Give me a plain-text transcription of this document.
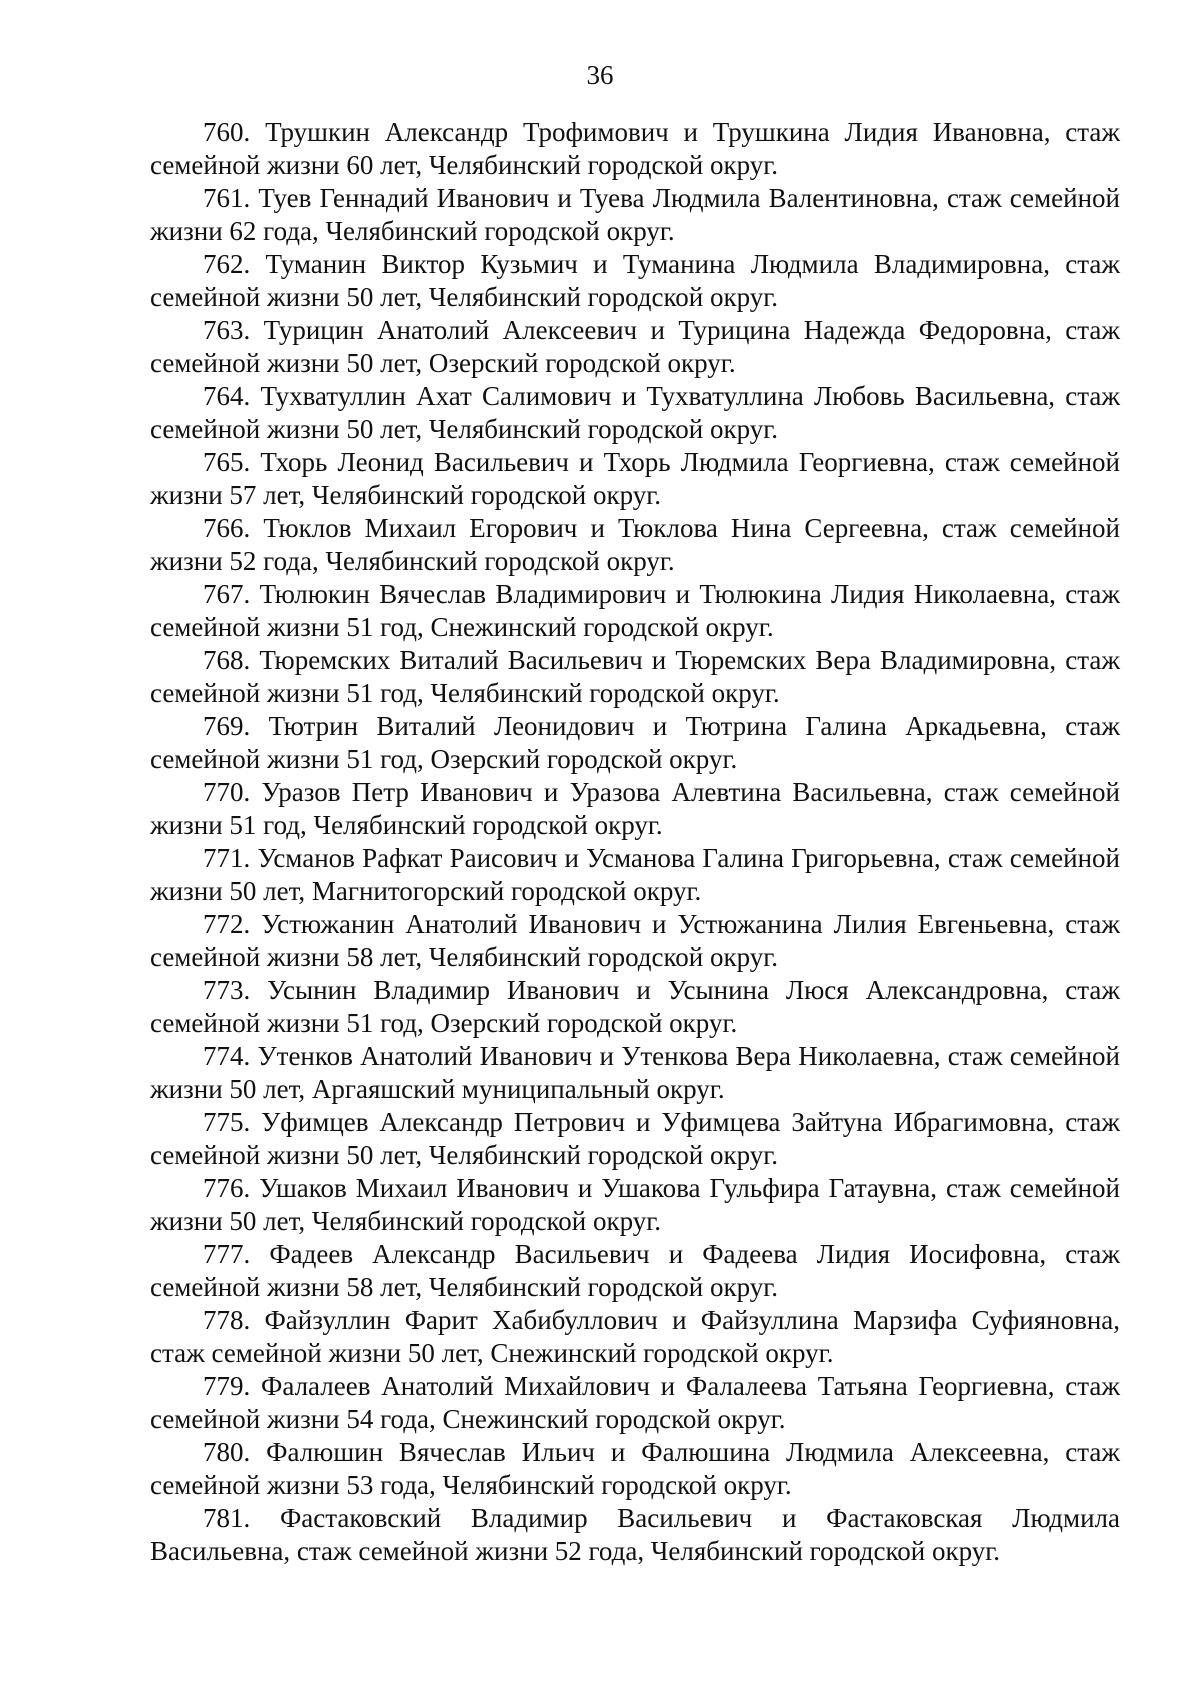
36

760. Трушкин Александр Трофимович и Трушкина Лидия Ивановна, стаж семейной жизни 60 лет, Челябинский городской округ.

761. Туев Геннадий Иванович и Туева Людмила Валентиновна, стаж семейной жизни 62 года, Челябинский городской округ.

762. Туманин Виктор Кузьмич и Туманина Людмила Владимировна, стаж семейной жизни 50 лет, Челябинский городской округ.

763. Турицин Анатолий Алексеевич и Турицина Надежда Федоровна, стаж семейной жизни 50 лет, Озерский городской округ.

764. Тухватуллин Ахат Салимович и Тухватуллина Любовь Васильевна, стаж семейной жизни 50 лет, Челябинский городской округ.

765. Тхорь Леонид Васильевич и Тхорь Людмила Георгиевна, стаж семейной жизни 57 лет, Челябинский городской округ.

766. Тюклов Михаил Егорович и Тюклова Нина Сергеевна, стаж семейной жизни 52 года, Челябинский городской округ.

767. Тюлюкин Вячеслав Владимирович и Тюлюкина Лидия Николаевна, стаж семейной жизни 51 год, Снежинский городской округ.

768. Тюремских Виталий Васильевич и Тюремских Вера Владимировна, стаж семейной жизни 51 год, Челябинский городской округ.

769. Тютрин Виталий Леонидович и Тютрина Галина Аркадьевна, стаж семейной жизни 51 год, Озерский городской округ.

770. Уразов Петр Иванович и Уразова Алевтина Васильевна, стаж семейной жизни 51 год, Челябинский городской округ.

771. Усманов Рафкат Раисович и Усманова Галина Григорьевна, стаж семейной жизни 50 лет, Магнитогорский городской округ.

772. Устюжанин Анатолий Иванович и Устюжанина Лилия Евгеньевна, стаж семейной жизни 58 лет, Челябинский городской округ.

773. Усынин Владимир Иванович и Усынина Люся Александровна, стаж семейной жизни 51 год, Озерский городской округ.

774. Утенков Анатолий Иванович и Утенкова Вера Николаевна, стаж семейной жизни 50 лет, Аргаяшский муниципальный округ.

775. Уфимцев Александр Петрович и Уфимцева Зайтуна Ибрагимовна, стаж семейной жизни 50 лет, Челябинский городской округ.

776. Ушаков Михаил Иванович и Ушакова Гульфира Гатаувна, стаж семейной жизни 50 лет, Челябинский городской округ.

777. Фадеев Александр Васильевич и Фадеева Лидия Иосифовна, стаж семейной жизни 58 лет, Челябинский городской округ.

778. Файзуллин Фарит Хабибуллович и Файзуллина Марзифа Суфияновна, стаж семейной жизни 50 лет, Снежинский городской округ.

779. Фалалеев Анатолий Михайлович и Фалалеева Татьяна Георгиевна, стаж семейной жизни 54 года, Снежинский городской округ.

780. Фалюшин Вячеслав Ильич и Фалюшина Людмила Алексеевна, стаж семейной жизни 53 года, Челябинский городской округ.

781. Фастаковский Владимир Васильевич и Фастаковская Людмила Васильевна, стаж семейной жизни 52 года, Челябинский городской округ.
